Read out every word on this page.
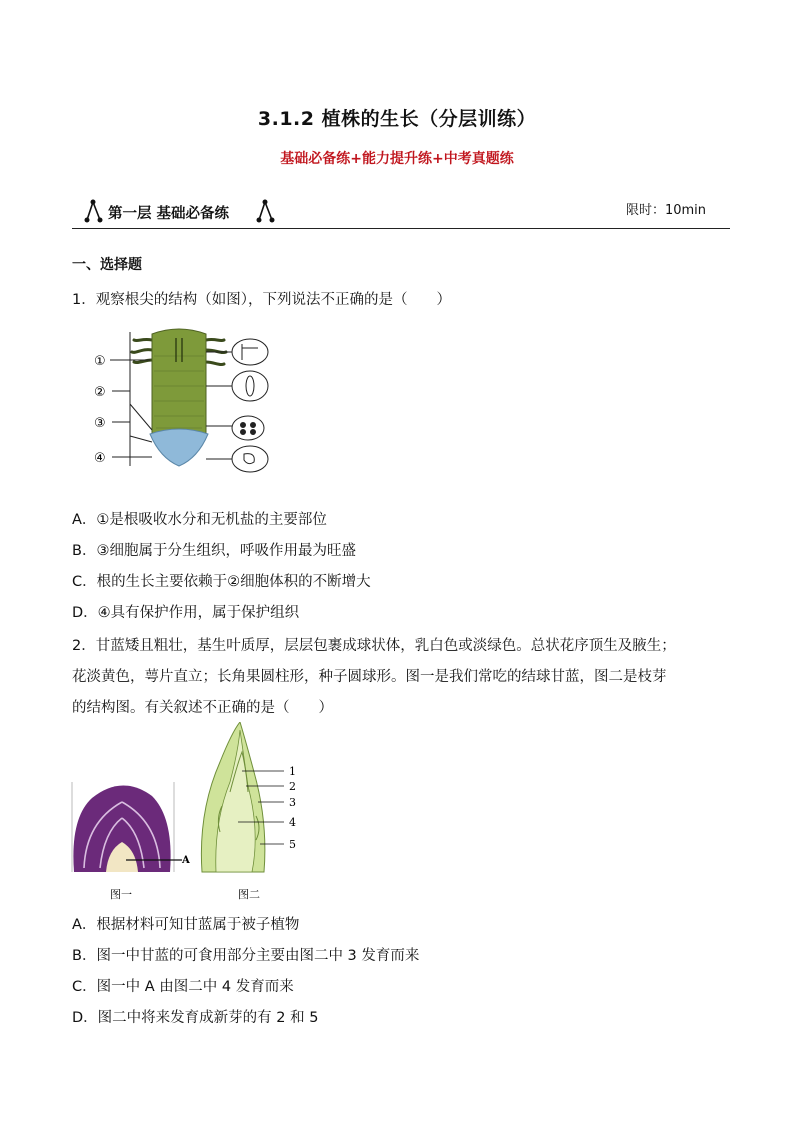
3.1.2 植株的生长（分层训练）
基础必备练+能力提升练+中考真题练
第一层 基础必备练	限时：10min
一、选择题
1．观察根尖的结构（如图），下列说法不正确的是（　　）
①
②
③
④
A．①是根吸收水分和无机盐的主要部位
B．③细胞属于分生组织，呼吸作用最为旺盛
C．根的生长主要依赖于②细胞体积的不断增大
D．④具有保护作用，属于保护组织
2．甘蓝矮且粗壮，基生叶质厚，层层包裹成球状体，乳白色或淡绿色。总状花序顶生及腋生；
花淡黄色，萼片直立；长角果圆柱形，种子圆球形。图一是我们常吃的结球甘蓝，图二是枝芽
的结构图。有关叙述不正确的是（　　）
A
图一
1
2
3
4
5
图二
A．根据材料可知甘蓝属于被子植物
B．图一中甘蓝的可食用部分主要由图二中 3 发育而来
C．图一中 A 由图二中 4 发育而来
D．图二中将来发育成新芽的有 2 和 5
